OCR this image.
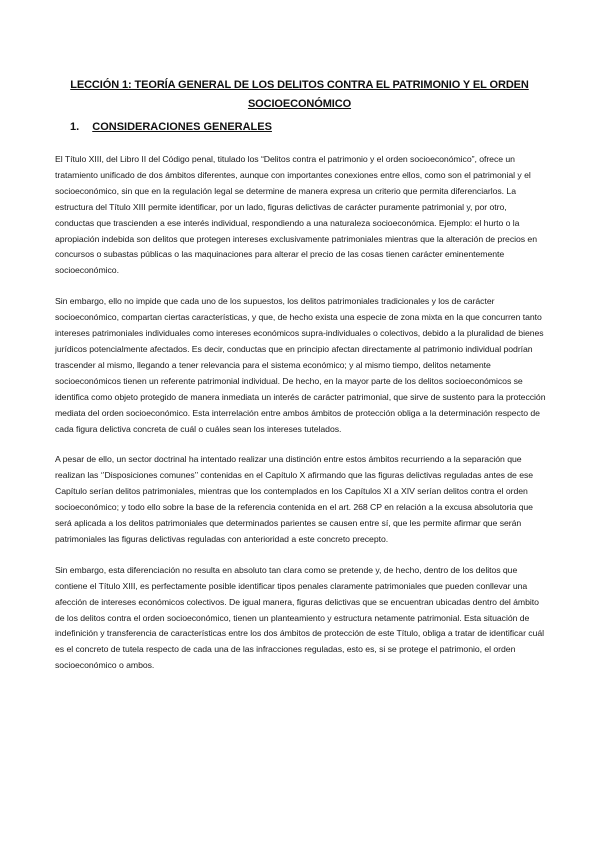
LECCIÓN 1: TEORÍA GENERAL DE LOS DELITOS CONTRA EL PATRIMONIO Y EL ORDEN SOCIOECONÓMICO
1. CONSIDERACIONES GENERALES

El Título XIII, del Libro II del Código penal, titulado los “Delitos contra el patrimonio y el orden socioeconómico”, ofrece un tratamiento unificado de dos ámbitos diferentes, aunque con importantes conexiones entre ellos, como son el patrimonial y el socioeconómico, sin que en la regulación legal se determine de manera expresa un criterio que permita diferenciarlos. La estructura del Título XIII permite identificar, por un lado, figuras delictivas de carácter puramente patrimonial y, por otro, conductas que trascienden a ese interés individual, respondiendo a una naturaleza socioeconómica. Ejemplo: el hurto o la apropiación indebida son delitos que protegen intereses exclusivamente patrimoniales mientras que la alteración de precios en concursos o subastas públicas o las maquinaciones para alterar el precio de las cosas tienen carácter eminentemente socioeconómico.

Sin embargo, ello no impide que cada uno de los supuestos, los delitos patrimoniales tradicionales y los de carácter socioeconómico, compartan ciertas características, y que, de hecho exista una especie de zona mixta en la que concurren tanto intereses patrimoniales individuales como intereses económicos supra-individuales o colectivos, debido a la pluralidad de bienes jurídicos potencialmente afectados. Es decir, conductas que en principio afectan directamente al patrimonio individual podrían trascender al mismo, llegando a tener relevancia para el sistema económico; y al mismo tiempo, delitos netamente socioeconómicos tienen un referente patrimonial individual. De hecho, en la mayor parte de los delitos socioeconómicos se identifica como objeto protegido de manera inmediata un interés de carácter patrimonial, que sirve de sustento para la protección mediata del orden socioeconómico. Esta interrelación entre ambos ámbitos de protección obliga a la determinación respecto de cada figura delictiva concreta de cuál o cuáles sean los intereses tutelados.

A pesar de ello, un sector doctrinal ha intentado realizar una distinción entre estos ámbitos recurriendo a la separación que realizan las ‘’Disposiciones comunes’’ contenidas en el Capítulo X afirmando que las figuras delictivas reguladas antes de ese Capítulo serían delitos patrimoniales, mientras que los contemplados en los Capítulos XI a XIV serían delitos contra el orden socioeconómico; y todo ello sobre la base de la referencia contenida en el art. 268 CP en relación a la excusa absolutoria que será aplicada a los delitos patrimoniales que determinados parientes se causen entre sí, que les permite afirmar que serán patrimoniales las figuras delictivas reguladas con anterioridad a este concreto precepto.

Sin embargo, esta diferenciación no resulta en absoluto tan clara como se pretende y, de hecho, dentro de los delitos que contiene el Título XIII, es perfectamente posible identificar tipos penales claramente patrimoniales que pueden conllevar una afección de intereses económicos colectivos. De igual manera, figuras delictivas que se encuentran ubicadas dentro del ámbito de los delitos contra el orden socioeconómico, tienen un planteamiento y estructura netamente patrimonial. Esta situación de indefinición y transferencia de características entre los dos ámbitos de protección de este Título, obliga a tratar de identificar cuál es el concreto de tutela respecto de cada una de las infracciones reguladas, esto es, si se protege el patrimonio, el orden socioeconómico o ambos.
